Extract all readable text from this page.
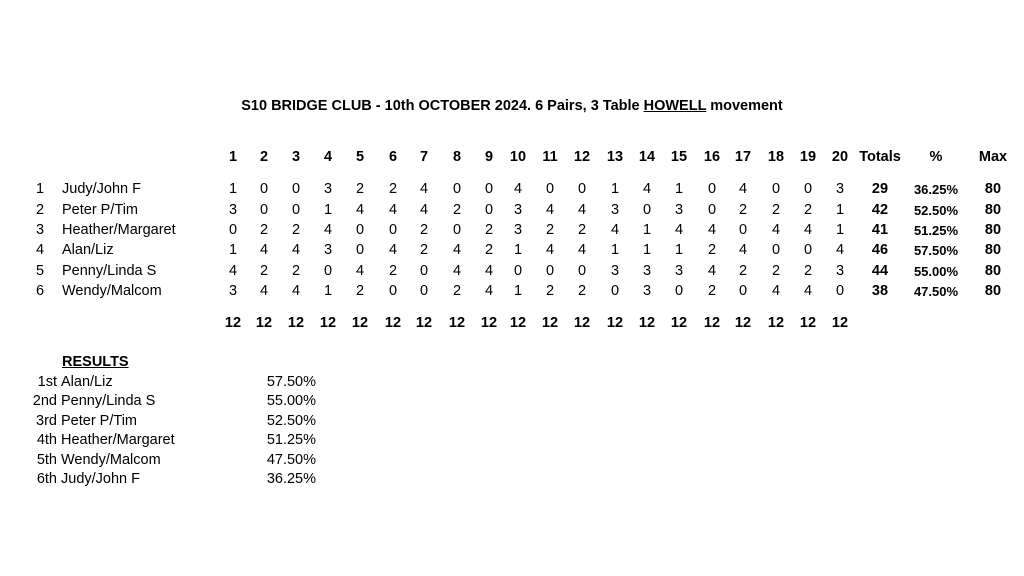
S10 BRIDGE CLUB - 10th OCTOBER 2024. 6 Pairs, 3 Table HOWELL movement
1	2	3	4	5	6	7	8	9	10	11	12	13	14	15	16	17	18	19	20 Totals	%	Max
1 Judy/John F	1	0	0	3	2	2	4	0	0	4	0	0	1	4	1	0	4	0	0	3	29	36.25%	80
2 Peter P/Tim	3	0	0	1	4	4	4	2	0	3	4	4	3	0	3	0	2	2	2	1	42	52.50%	80
3 Heather/Margaret	0	2	2	4	0	0	2	0	2	3	2	2	4	1	4	4	0	4	4	1	41	51.25%	80
4 Alan/Liz	1	4	4	3	0	4	2	4	2	1	4	4	1	1	1	2	4	0	0	4	46	57.50%	80
5 Penny/Linda S	4	2	2	0	4	2	0	4	4	0	0	0	3	3	3	4	2	2	2	3	44	55.00%	80
6 Wendy/Malcom	3	4	4	1	2	0	0	2	4	1	2	2	0	3	0	2	0	4	4	0	38	47.50%	80
12	12	12	12	12	12	12	12	12 12	12	12	12	12	12	12	12	12	12	12
RESULTS
1st Alan/Liz	57.50%
2nd Penny/Linda S	55.00%
3rd Peter P/Tim	52.50%
4th Heather/Margaret	51.25%
5th Wendy/Malcom	47.50%
6th Judy/John F	36.25%
